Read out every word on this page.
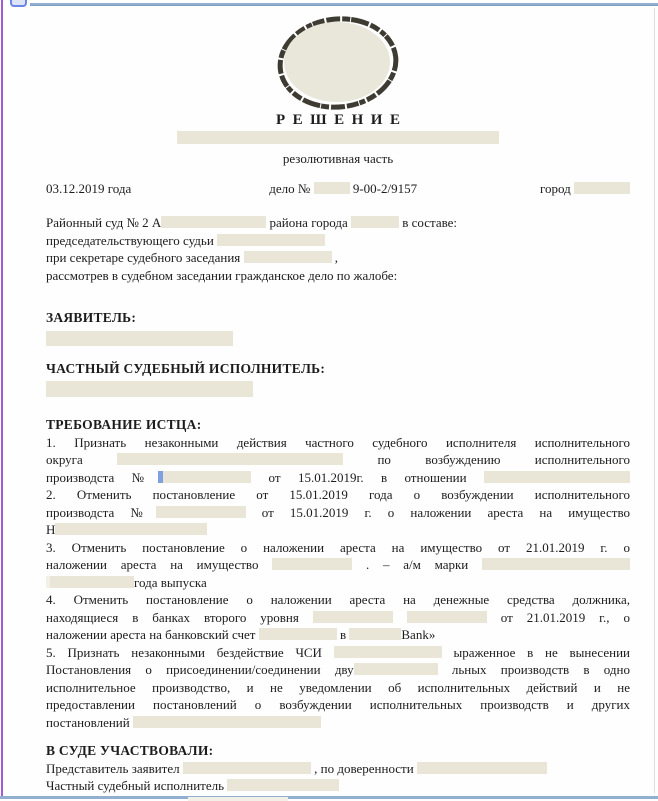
РЕШЕНИЕ
резолютивная часть
03.12.2019 года	дело №	9-00-2/9157	город
Районный суд № 2 А	района города	в составе:
председательствующего судьи
при секретаре судебного заседания	,
рассмотрев в судебном заседании гражданское дело по жалобе:
ЗАЯВИТЕЛЬ:
ЧАСТНЫЙ СУДЕБНЫЙ ИСПОЛНИТЕЛЬ:
ТРЕБОВАНИЕ ИСТЦА:
1. Признать незаконными действия частного судебного исполнителя исполнительного
округа	по возбуждению исполнительного
производста №	от 15.01.2019г. в отношении
2. Отменить постановление от 15.01.2019 года о возбуждении исполнительного
производста №	от 15.01.2019 г. о наложении ареста на имущество
Н
3. Отменить постановление о наложении ареста на имущество от 21.01.2019 г. о
наложении ареста на имущество	. – а/м марки
года выпуска
4. Отменить постановление о наложении ареста на денежные средства должника,
находящиеся в банках второго уровня	от 21.01.2019 г., о
наложении ареста на банковский счет	в	Bank»
5. Признать незаконными бездействие ЧСИ	ыраженное в не вынесении
Постановления о присоединении/соединении дву	льных производств в одно
исполнительное производство, и не уведомлении об исполнительных действий и не
предоставлении постановлений о возбуждении исполнительных производств и других
постановлений
В СУДЕ УЧАСТВОВАЛИ:
Представитель заявител	, по доверенности
Частный судебный исполнитель
